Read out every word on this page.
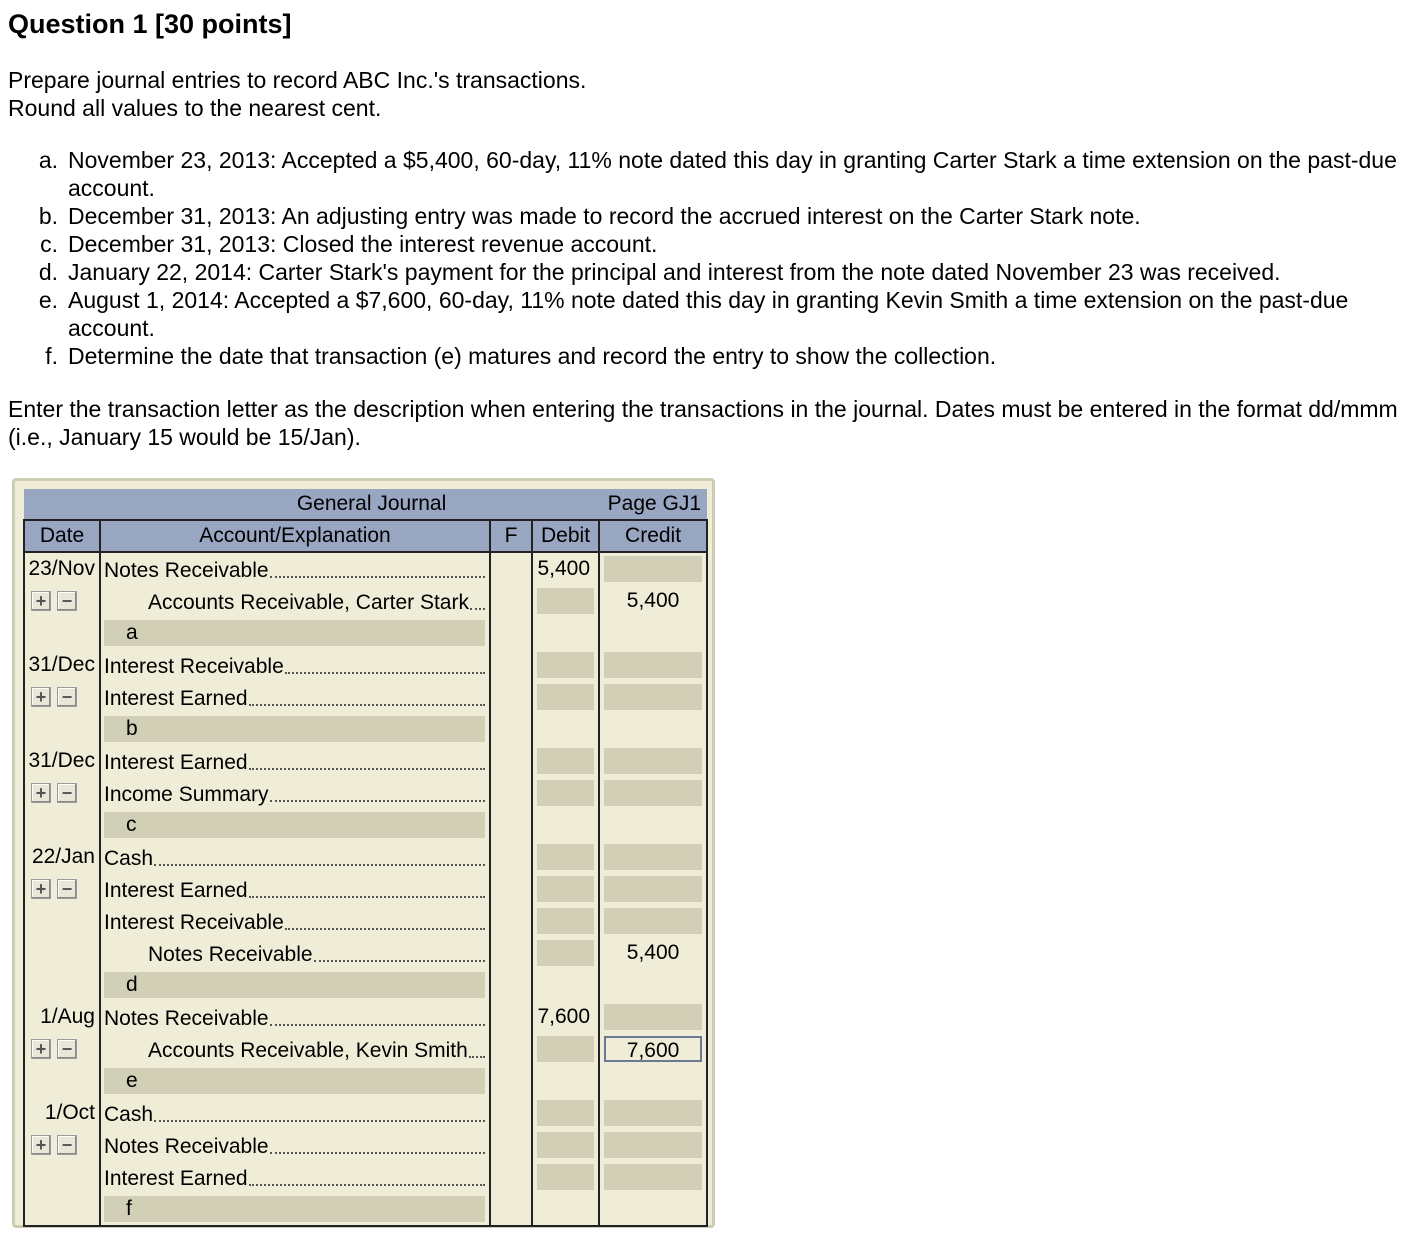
Question 1 [30 points]
Prepare journal entries to record ABC Inc.'s transactions.
Round all values to the nearest cent.
a. November 23, 2013: Accepted a $5,400, 60-day, 11% note dated this day in granting Carter Stark a time extension on the past-due account.
b. December 31, 2013: An adjusting entry was made to record the accrued interest on the Carter Stark note.
c. December 31, 2013: Closed the interest revenue account.
d. January 22, 2014: Carter Stark's payment for the principal and interest from the note dated November 23 was received.
e. August 1, 2014: Accepted a $7,600, 60-day, 11% note dated this day in granting Kevin Smith a time extension on the past-due account.
f. Determine the date that transaction (e) matures and record the entry to show the collection.
Enter the transaction letter as the description when entering the transactions in the journal. Dates must be entered in the format dd/mmm (i.e., January 15 would be 15/Jan).
General Journal				Page GJ1
Date	Account/Explanation	F	Debit	Credit
23/Nov	Notes Receivable		5,400	

+ −	Accounts Receivable, Carter Stark			5,400

	a			

31/Dec	Interest Receivable			

+ −	Interest Earned			

	b			

31/Dec	Interest Earned			

+ −	Income Summary			

	c			

22/Jan	Cash			

+ −	Interest Earned			

	Interest Receivable			

	Notes Receivable			5,400

	d			

1/Aug	Notes Receivable		7,600	

+ −	Accounts Receivable, Kevin Smith			7,600

	e			

1/Oct	Cash			

+ −	Notes Receivable			

	Interest Earned			

	f			
